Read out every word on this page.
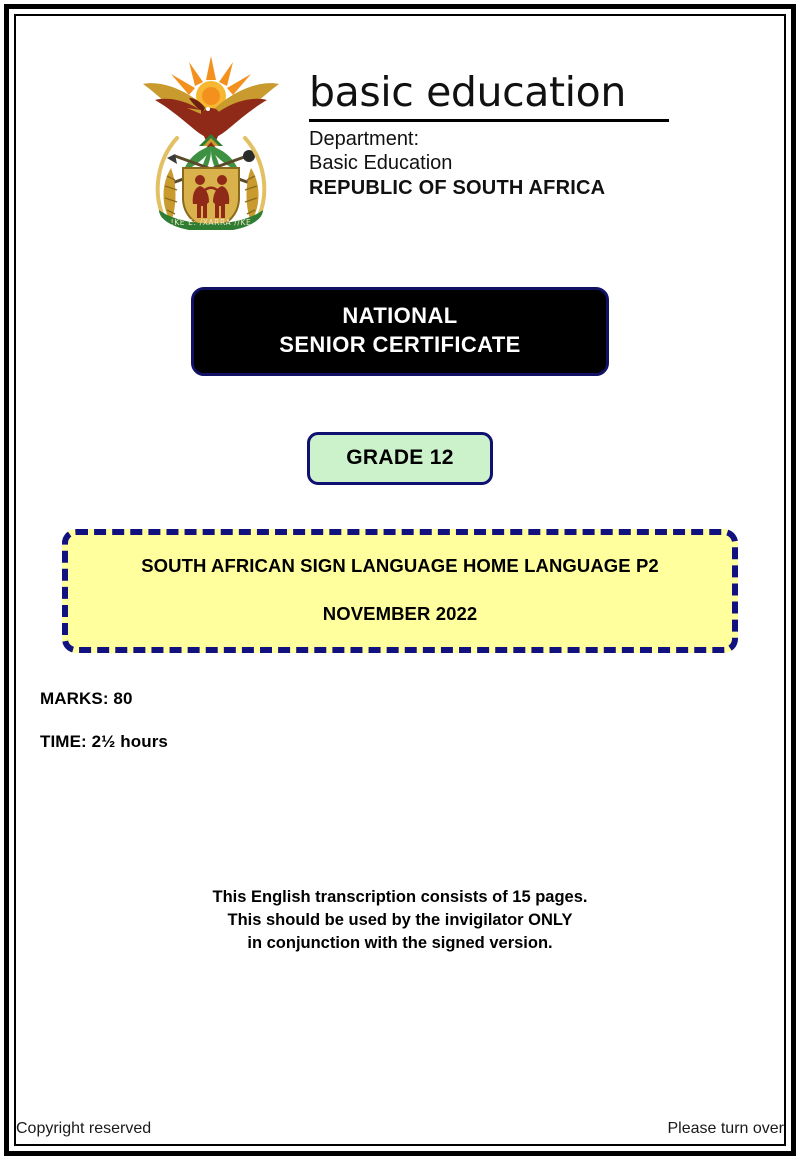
!KE E: /XARRA //KE
basic education
Department:
Basic Education
REPUBLIC OF SOUTH AFRICA
NATIONAL
SENIOR CERTIFICATE
GRADE 12
SOUTH AFRICAN SIGN LANGUAGE HOME LANGUAGE P2
NOVEMBER 2022
MARKS: 80
TIME: 2½ hours
This English transcription consists of 15 pages.
This should be used by the invigilator ONLY
in conjunction with the signed version.
Copyright reserved	Please turn over
